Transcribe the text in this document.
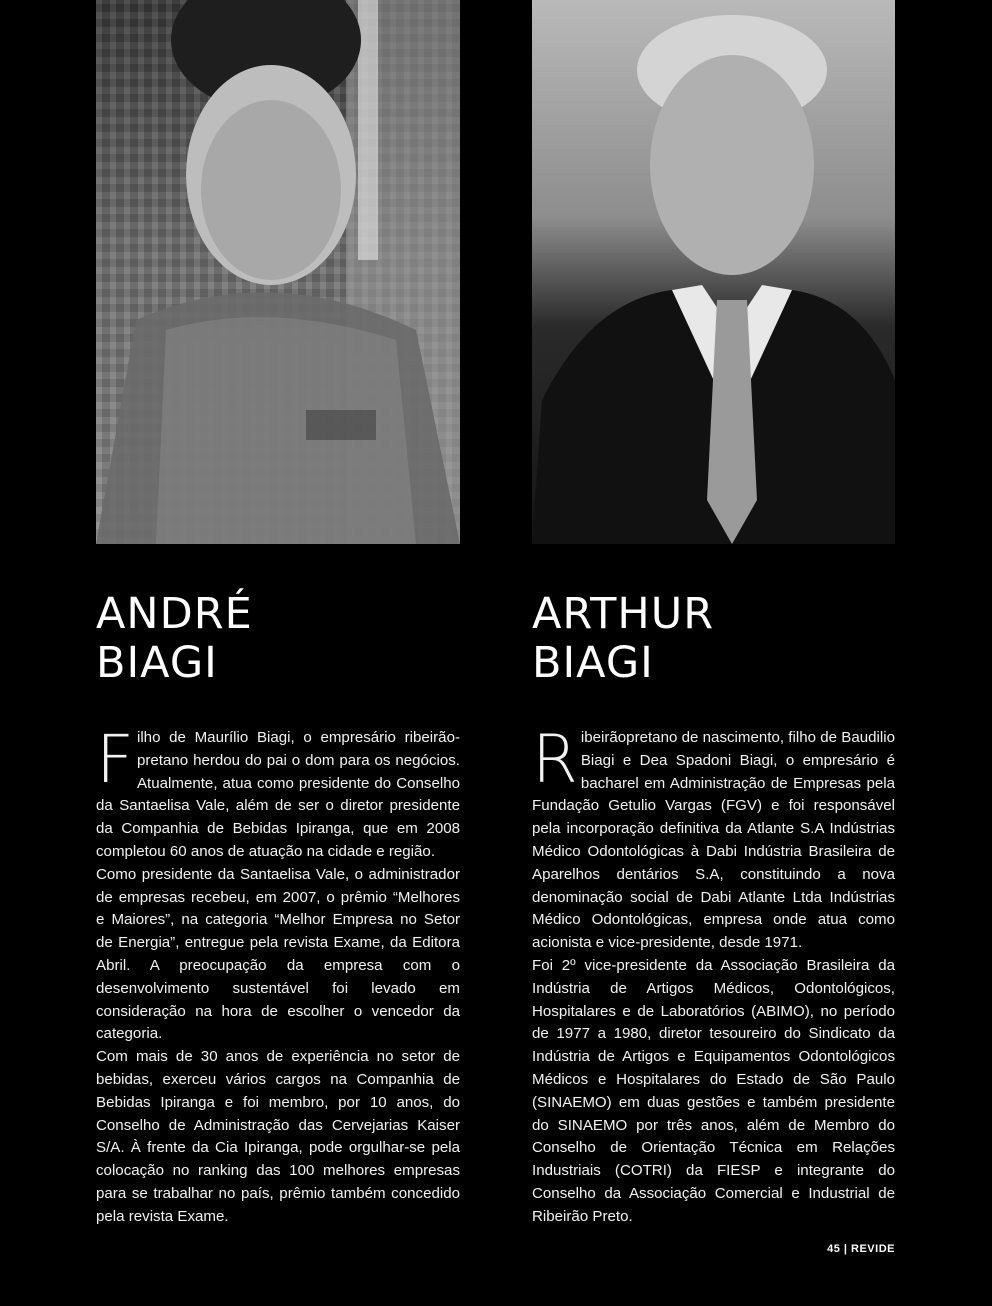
ANDRÉ
BIAGI
ARTHUR
BIAGI

Filho de Maurílio Biagi, o empresário ribeirão-pretano herdou do pai o dom para os negócios. Atualmente, atua como presidente do Conselho da Santaelisa Vale, além de ser o diretor presidente da Companhia de Bebidas Ipiranga, que em 2008 completou 60 anos de atuação na cidade e região.

Como presidente da Santaelisa Vale, o administrador de empresas recebeu, em 2007, o prêmio “Melhores e Maiores”, na categoria “Melhor Empresa no Setor de Energia”, entregue pela revista Exame, da Editora Abril. A preocupação da empresa com o desenvolvimento sustentável foi levado em consideração na hora de escolher o vencedor da categoria.

Com mais de 30 anos de experiência no setor de bebidas, exerceu vários cargos na Companhia de Bebidas Ipiranga e foi membro, por 10 anos, do Conselho de Administração das Cervejarias Kaiser S/A. À frente da Cia Ipiranga, pode orgulhar-se pela colocação no ranking das 100 melhores empresas para se trabalhar no país, prêmio também concedido pela revista Exame.

Ribeirãopretano de nascimento, filho de Baudilio Biagi e Dea Spadoni Biagi, o empresário é bacharel em Administração de Empresas pela Fundação Getulio Vargas (FGV) e foi responsável pela incorporação definitiva da Atlante S.A Indústrias Médico Odontológicas à Dabi Indústria Brasileira de Aparelhos dentários S.A, constituindo a nova denominação social de Dabi Atlante Ltda Indústrias Médico Odontológicas, empresa onde atua como acionista e vice-presidente, desde 1971.

Foi 2º vice-presidente da Associação Brasileira da Indústria de Artigos Médicos, Odontológicos, Hospitalares e de Laboratórios (ABIMO), no período de 1977 a 1980, diretor tesoureiro do Sindicato da Indústria de Artigos e Equipamentos Odontológicos Médicos e Hospitalares do Estado de São Paulo (SINAEMO) em duas gestões e também presidente do SINAEMO por três anos, além de Membro do Conselho de Orientação Técnica em Relações Industriais (COTRI) da FIESP e integrante do Conselho da Associação Comercial e Industrial de Ribeirão Preto.

45 | REVIDE
